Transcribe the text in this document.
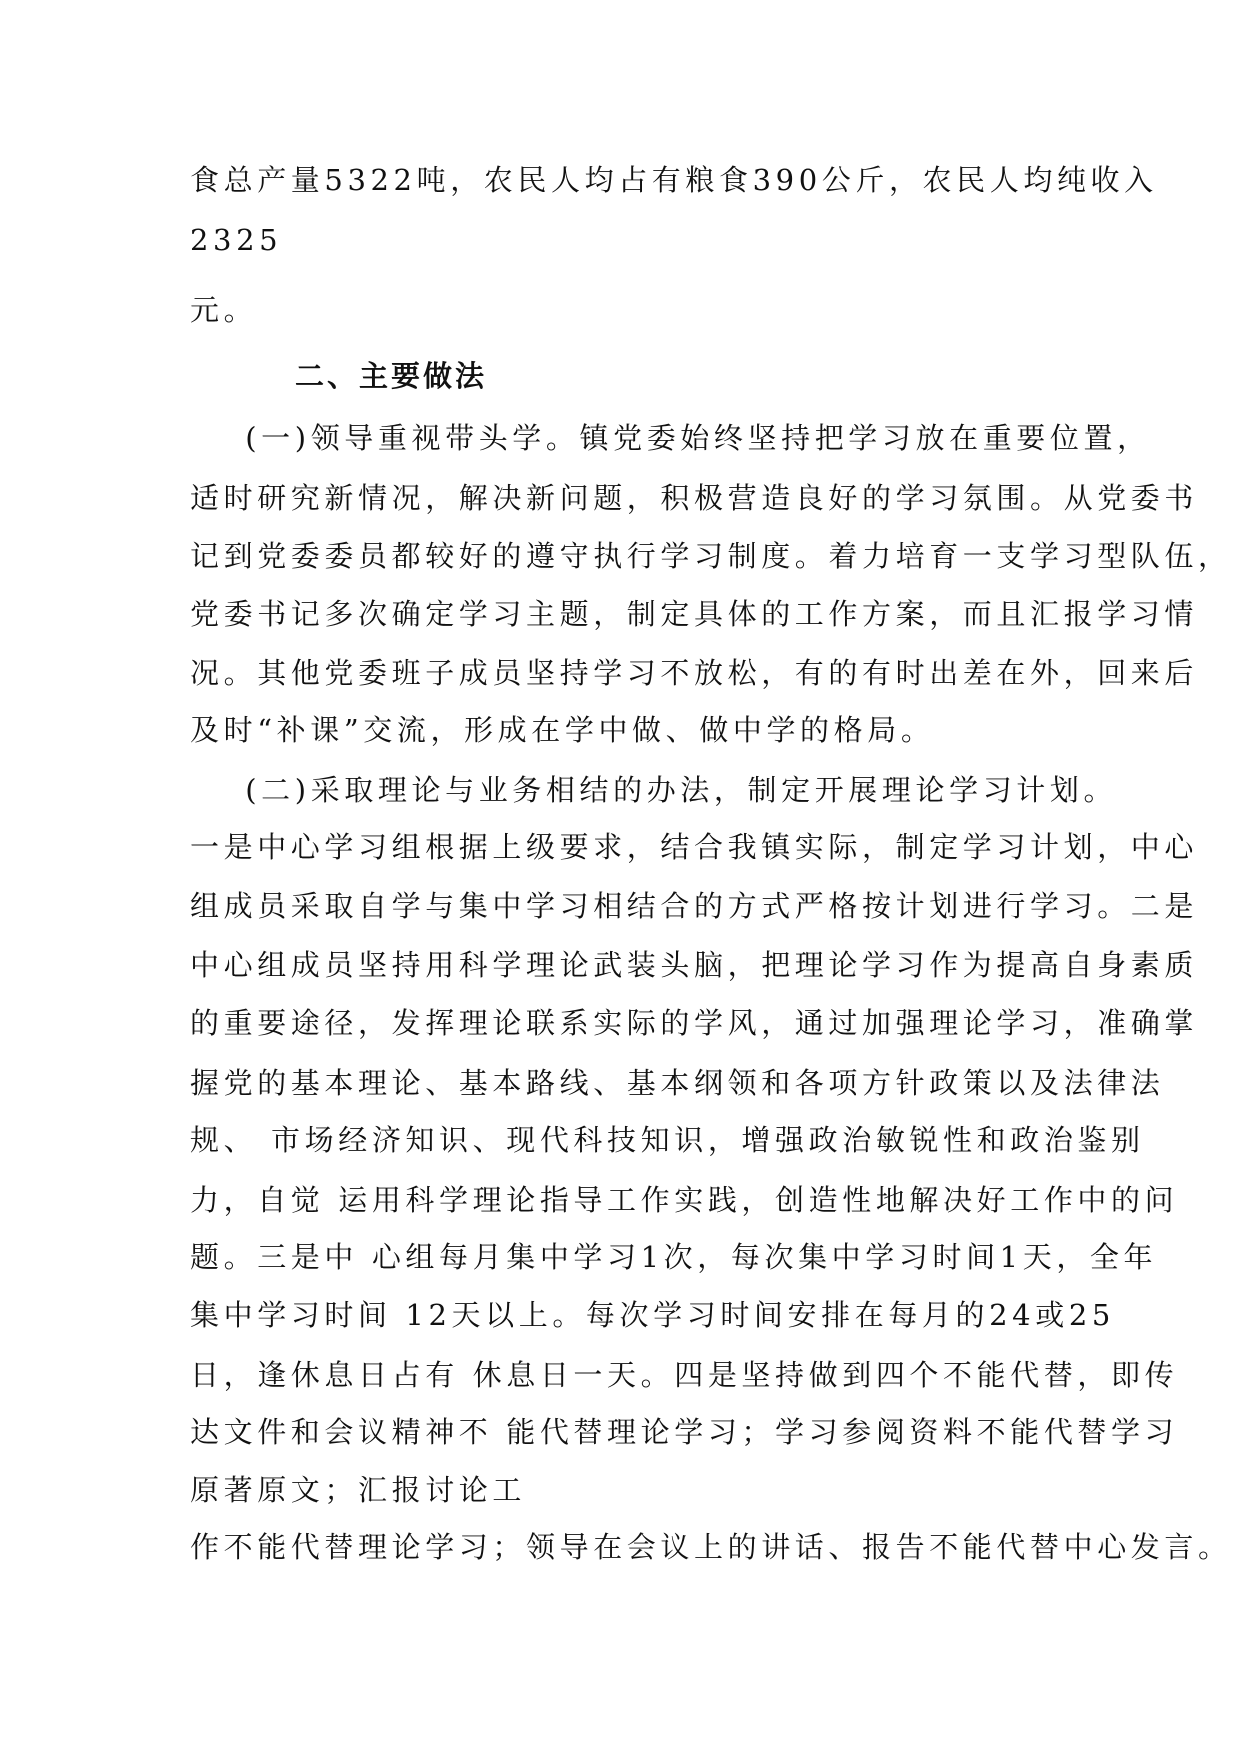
食总产量5322吨，农民人均占有粮食390公斤，农民人均纯收入
2325
元。
二、主要做法
(一)领导重视带头学。镇党委始终坚持把学习放在重要位置，
适时研究新情况，解决新问题，积极营造良好的学习氛围。从党委书
记到党委委员都较好的遵守执行学习制度。着力培育一支学习型队伍，
党委书记多次确定学习主题，制定具体的工作方案，而且汇报学习情
况。其他党委班子成员坚持学习不放松，有的有时出差在外，回来后
及时“补课”交流，形成在学中做、做中学的格局。
(二)采取理论与业务相结的办法，制定开展理论学习计划。
一是中心学习组根据上级要求，结合我镇实际，制定学习计划，中心
组成员采取自学与集中学习相结合的方式严格按计划进行学习。二是
中心组成员坚持用科学理论武装头脑，把理论学习作为提高自身素质
的重要途径，发挥理论联系实际的学风，通过加强理论学习，准确掌
握党的基本理论、基本路线、基本纲领和各项方针政策以及法律法
规、 市场经济知识、现代科技知识，增强政治敏锐性和政治鉴别
力，自觉 运用科学理论指导工作实践，创造性地解决好工作中的问
题。三是中 心组每月集中学习1次，每次集中学习时间1天，全年
集中学习时间 12天以上。每次学习时间安排在每月的24或25
日，逢休息日占有 休息日一天。四是坚持做到四个不能代替，即传
达文件和会议精神不 能代替理论学习；学习参阅资料不能代替学习
原著原文；汇报讨论工
作不能代替理论学习；领导在会议上的讲话、报告不能代替中心发言。
